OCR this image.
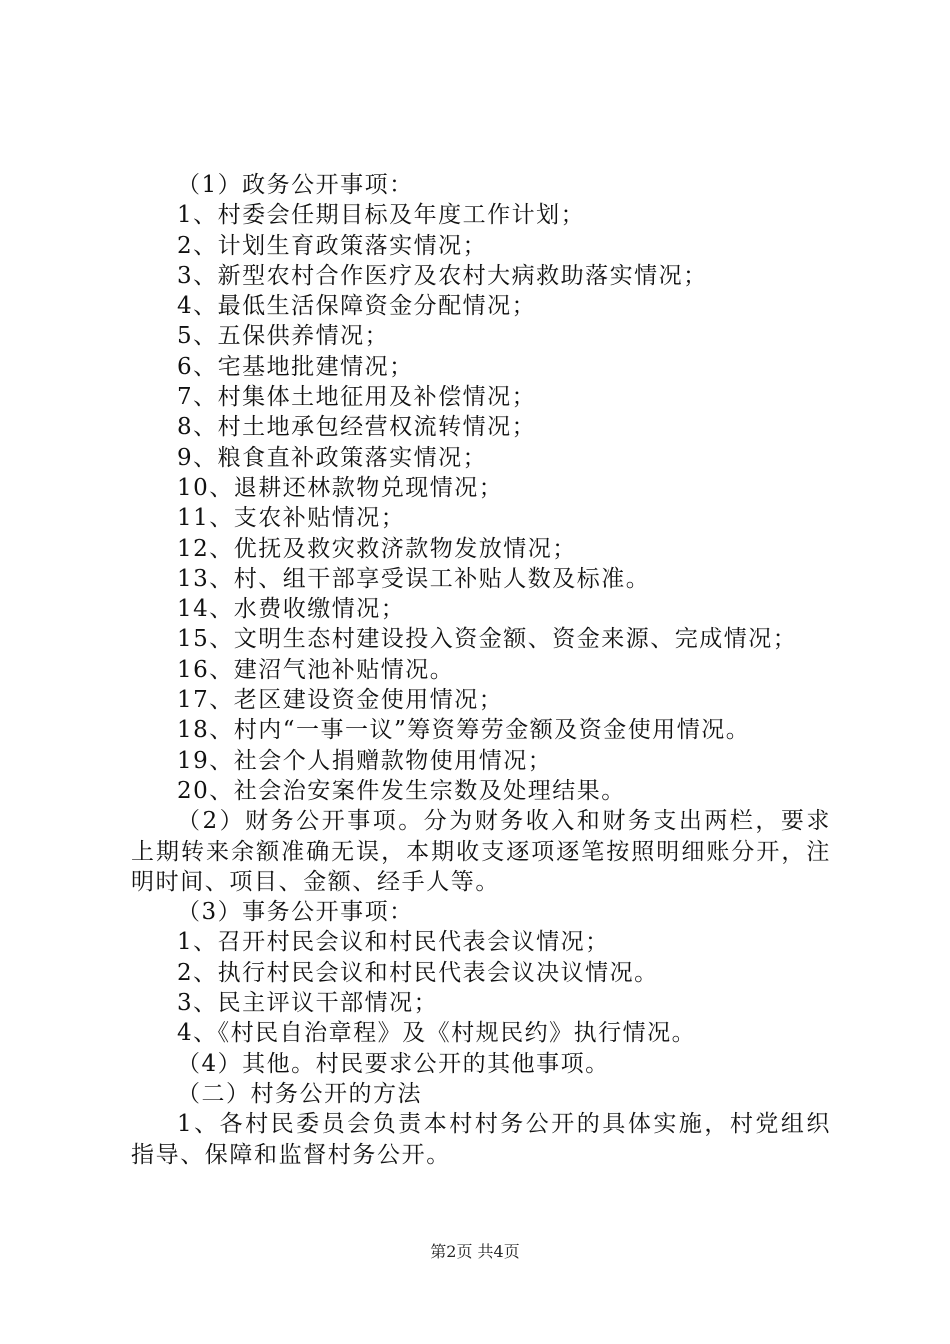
（1）政务公开事项：
1、村委会任期目标及年度工作计划；
2、计划生育政策落实情况；
3、新型农村合作医疗及农村大病救助落实情况；
4、最低生活保障资金分配情况；
5、五保供养情况；
6、宅基地批建情况；
7、村集体土地征用及补偿情况；
8、村土地承包经营权流转情况；
9、粮食直补政策落实情况；
10、退耕还林款物兑现情况；
11、支农补贴情况；
12、优抚及救灾救济款物发放情况；
13、村、组干部享受误工补贴人数及标准。
14、水费收缴情况；
15、文明生态村建设投入资金额、资金来源、完成情况；
16、建沼气池补贴情况。
17、老区建设资金使用情况；
18、村内“一事一议”筹资筹劳金额及资金使用情况。
19、社会个人捐赠款物使用情况；
20、社会治安案件发生宗数及处理结果。

（2）财务公开事项。分为财务收入和财务支出两栏，要求上期转来余额准确无误，本期收支逐项逐笔按照明细账分开，注明时间、项目、金额、经手人等。

（3）事务公开事项：
1、召开村民会议和村民代表会议情况；
2、执行村民会议和村民代表会议决议情况。
3、民主评议干部情况；
4、《村民自治章程》及《村规民约》执行情况。
（4）其他。村民要求公开的其他事项。
（二）村务公开的方法

1、各村民委员会负责本村村务公开的具体实施，村党组织指导、保障和监督村务公开。

第2页 共4页
